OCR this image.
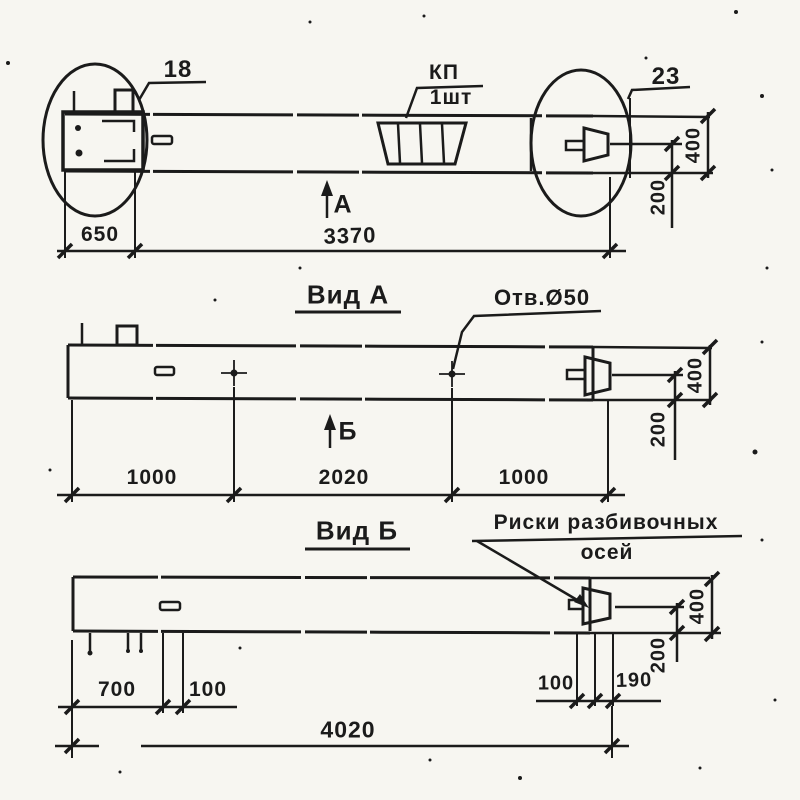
18	23
КП
1шт
А
650	3370
400
200
Вид А	Отв.Ø50
Б
1000	2020	1000
400
200
Вид Б	Риски разбивочных
осей
700	100	100 190
200
400
4020
